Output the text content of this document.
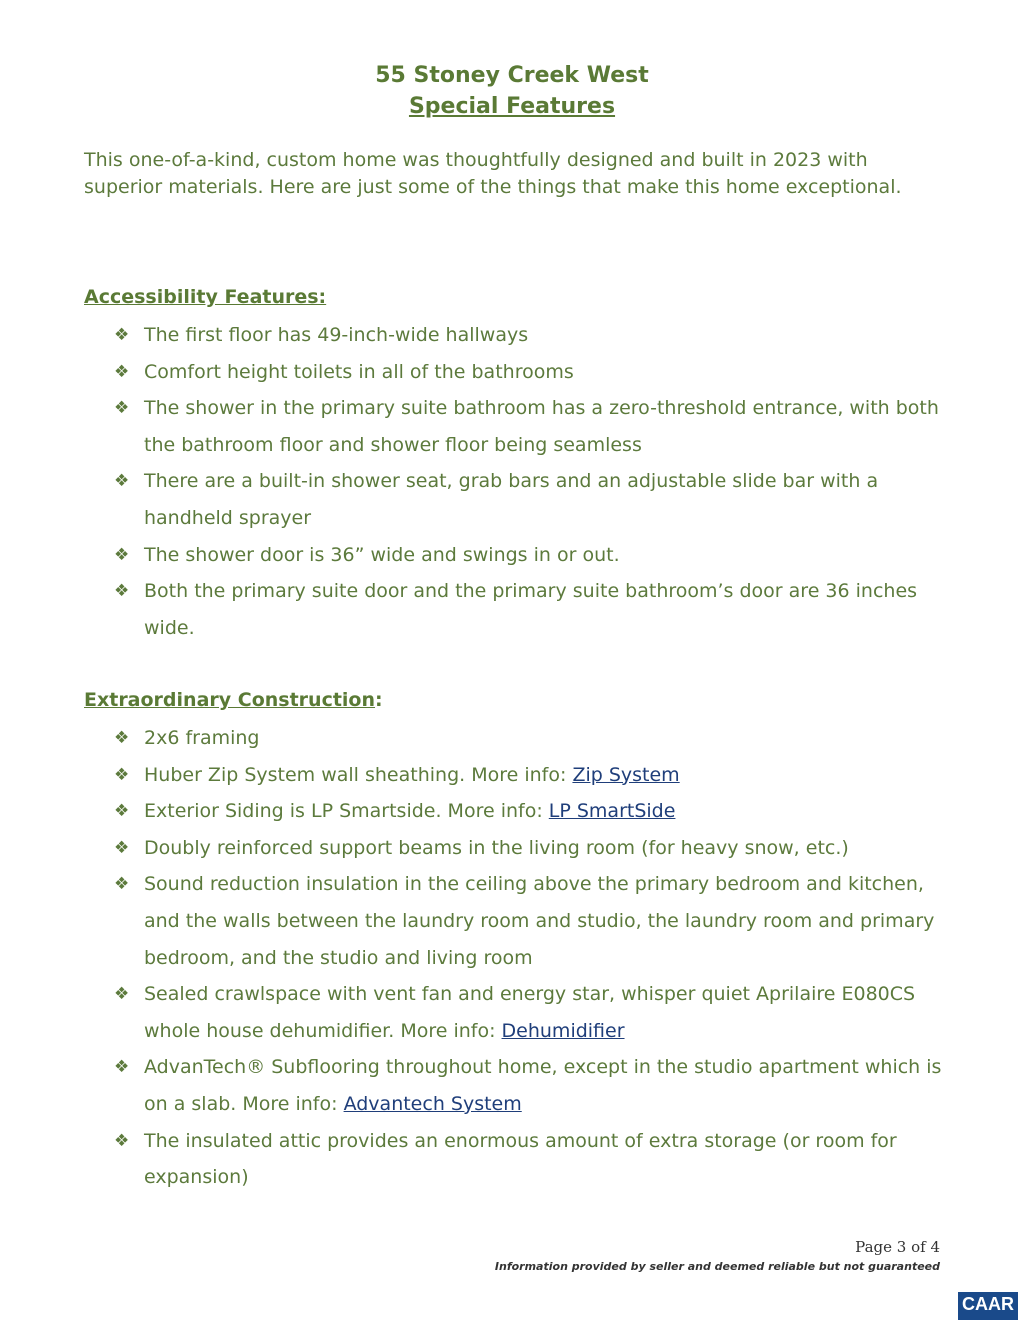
55 Stoney Creek West
Special Features
This one-of-a-kind, custom home was thoughtfully designed and built in 2023 with superior materials. Here are just some of the things that make this home exceptional.
Accessibility Features:
❖ The first floor has 49-inch-wide hallways
❖ Comfort height toilets in all of the bathrooms
❖ The shower in the primary suite bathroom has a zero-threshold entrance, with both the bathroom floor and shower floor being seamless
❖ There are a built-in shower seat, grab bars and an adjustable slide bar with a handheld sprayer
❖ The shower door is 36” wide and swings in or out.
❖ Both the primary suite door and the primary suite bathroom’s door are 36 inches wide.
Extraordinary Construction:
❖ 2x6 framing
❖ Huber Zip System wall sheathing. More info: Zip System
❖ Exterior Siding is LP Smartside. More info: LP SmartSide
❖ Doubly reinforced support beams in the living room (for heavy snow, etc.)
❖ Sound reduction insulation in the ceiling above the primary bedroom and kitchen, and the walls between the laundry room and studio, the laundry room and primary bedroom, and the studio and living room
❖ Sealed crawlspace with vent fan and energy star, whisper quiet Aprilaire E080CS whole house dehumidifier. More info: Dehumidifier
❖ AdvanTech® Subflooring throughout home, except in the studio apartment which is on a slab. More info: Advantech System
❖ The insulated attic provides an enormous amount of extra storage (or room for expansion)
Page 3 of 4
Information provided by seller and deemed reliable but not guaranteed
CAAR
